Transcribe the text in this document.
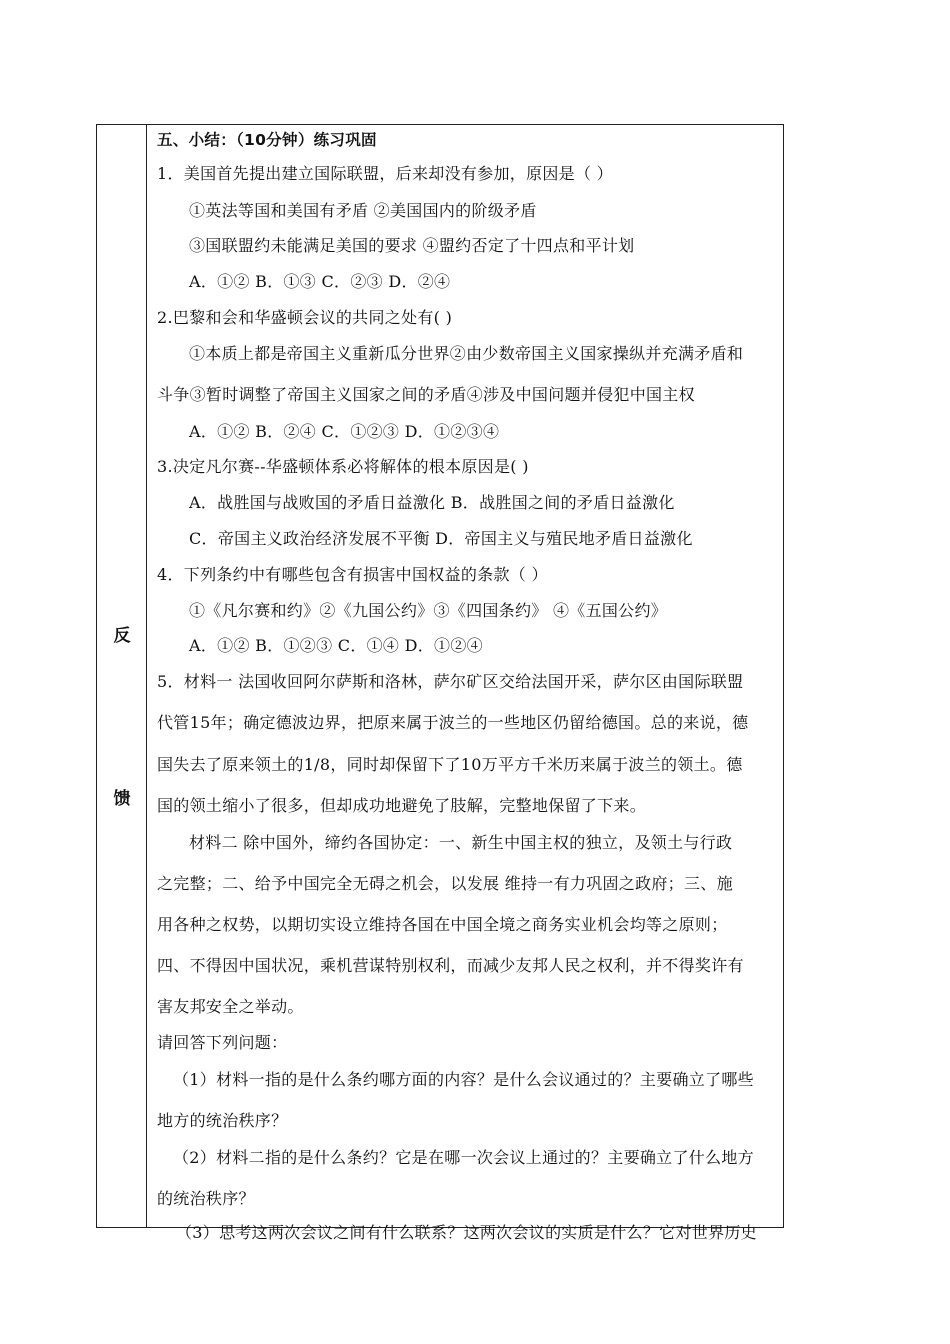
反
馈
五、小结：（10分钟）练习巩固
1．美国首先提出建立国际联盟，后来却没有参加，原因是（ ）
①英法等国和美国有矛盾 ②美国国内的阶级矛盾
③国联盟约未能满足美国的要求 ④盟约否定了十四点和平计划
A．①② B．①③ C．②③ D．②④
2.巴黎和会和华盛顿会议的共同之处有( )
①本质上都是帝国主义重新瓜分世界②由少数帝国主义国家操纵并充满矛盾和
斗争③暂时调整了帝国主义国家之间的矛盾④涉及中国问题并侵犯中国主权
A．①② B．②④ C．①②③ D．①②③④
3.决定凡尔赛--华盛顿体系必将解体的根本原因是( )
A．战胜国与战败国的矛盾日益激化 B．战胜国之间的矛盾日益激化
C．帝国主义政治经济发展不平衡 D．帝国主义与殖民地矛盾日益激化
4．下列条约中有哪些包含有损害中国权益的条款（ ）
①《凡尔赛和约》②《九国公约》③《四国条约》 ④《五国公约》
A．①② B．①②③ C．①④ D．①②④
5．材料一 法国收回阿尔萨斯和洛林，萨尔矿区交给法国开采，萨尔区由国际联盟
代管15年；确定德波边界，把原来属于波兰的一些地区仍留给德国。总的来说，德
国失去了原来领土的1/8，同时却保留下了10万平方千米历来属于波兰的领土。德
国的领土缩小了很多，但却成功地避免了肢解，完整地保留了下来。
材料二 除中国外，缔约各国协定：一、新生中国主权的独立，及领土与行政
之完整；二、给予中国完全无碍之机会，以发展 维持一有力巩固之政府；三、施
用各种之权势，以期切实设立维持各国在中国全境之商务实业机会均等之原则；
四、不得因中国状况，乘机营谋特别权利，而减少友邦人民之权利，并不得奖许有
害友邦安全之举动。
请回答下列问题：
（1）材料一指的是什么条约哪方面的内容？是什么会议通过的？主要确立了哪些
地方的统治秩序？
（2）材料二指的是什么条约？它是在哪一次会议上通过的？主要确立了什么地方
的统治秩序？
（3）思考这两次会议之间有什么联系？这两次会议的实质是什么？它对世界历史
